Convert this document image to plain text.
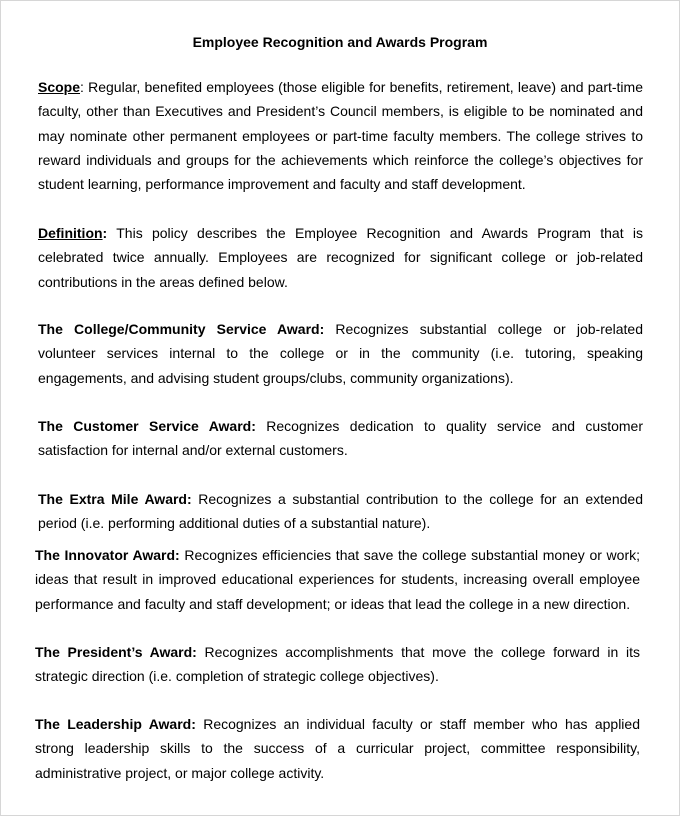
Employee Recognition and Awards Program

Scope: Regular, benefited employees (those eligible for benefits, retirement, leave) and part-time faculty, other than Executives and President’s Council members, is eligible to be nominated and may nominate other permanent employees or part-time faculty members. The college strives to reward individuals and groups for the achievements which reinforce the college’s objectives for student learning, performance improvement and faculty and staff development.

Definition: This policy describes the Employee Recognition and Awards Program that is celebrated twice annually. Employees are recognized for significant college or job-related contributions in the areas defined below.

The College/Community Service Award: Recognizes substantial college or job-related volunteer services internal to the college or in the community (i.e. tutoring, speaking engagements, and advising student groups/clubs, community organizations).

The Customer Service Award: Recognizes dedication to quality service and customer satisfaction for internal and/or external customers.

The Extra Mile Award: Recognizes a substantial contribution to the college for an extended period (i.e. performing additional duties of a substantial nature).

The Innovator Award: Recognizes efficiencies that save the college substantial money or work; ideas that result in improved educational experiences for students, increasing overall employee performance and faculty and staff development; or ideas that lead the college in a new direction.

The President’s Award: Recognizes accomplishments that move the college forward in its strategic direction (i.e. completion of strategic college objectives).

The Leadership Award: Recognizes an individual faculty or staff member who has applied strong leadership skills to the success of a curricular project, committee responsibility, administrative project, or major college activity.
